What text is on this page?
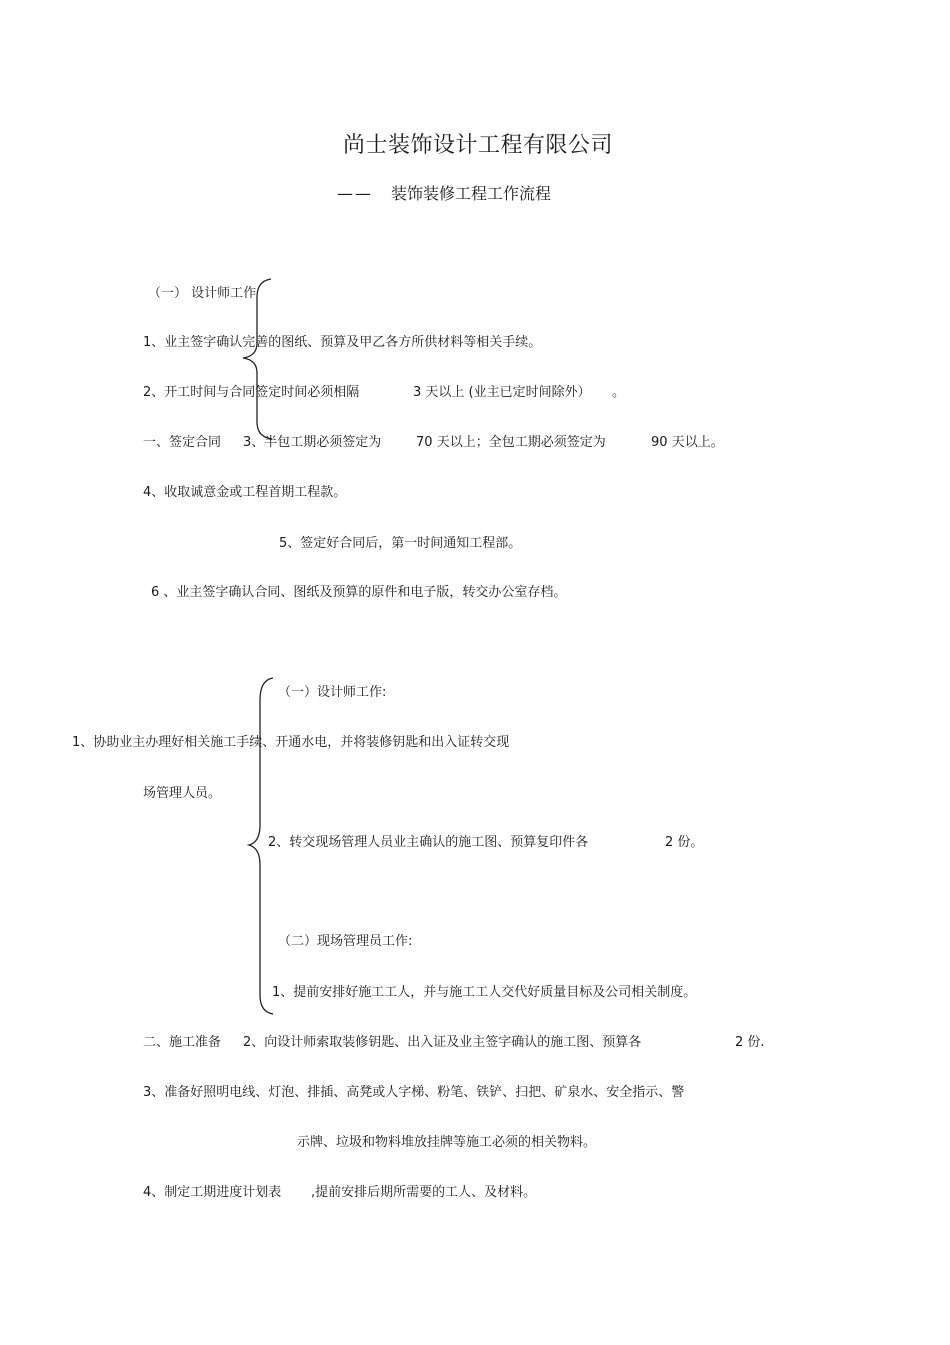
尚士装饰设计工程有限公司
—— 装饰装修工程工作流程
（一） 设计师工作
1、业主签字确认完善的图纸、预算及甲乙各方所供材料等相关手续。
2、开工时间与合同签定时间必须相隔	3 天以上 (业主已定时间除外） 。
一、签定合同 3、半包工期必须签定为	70 天以上；全包工期必须签定为	90 天以上。
4、收取诚意金或工程首期工程款。
5、签定好合同后，第一时间通知工程部。
6 、业主签字确认合同、图纸及预算的原件和电子版，转交办公室存档。
（一）设计师工作:
1、协助业主办理好相关施工手续、开通水电，并将装修钥匙和出入证转交现
场管理人员。
2、转交现场管理人员业主确认的施工图、预算复印件各	2 份。
（二）现场管理员工作:
1、提前安排好施工工人，并与施工工人交代好质量目标及公司相关制度。
二、施工准备 2、向设计师索取装修钥匙、出入证及业主签字确认的施工图、预算各	2 份.
3、准备好照明电线、灯泡、排插、高凳或人字梯、粉笔、铁铲、扫把、矿泉水、安全指示、警
示牌、垃圾和物料堆放挂牌等施工必须的相关物料。
4、制定工期进度计划表 ,提前安排后期所需要的工人、及材料。
